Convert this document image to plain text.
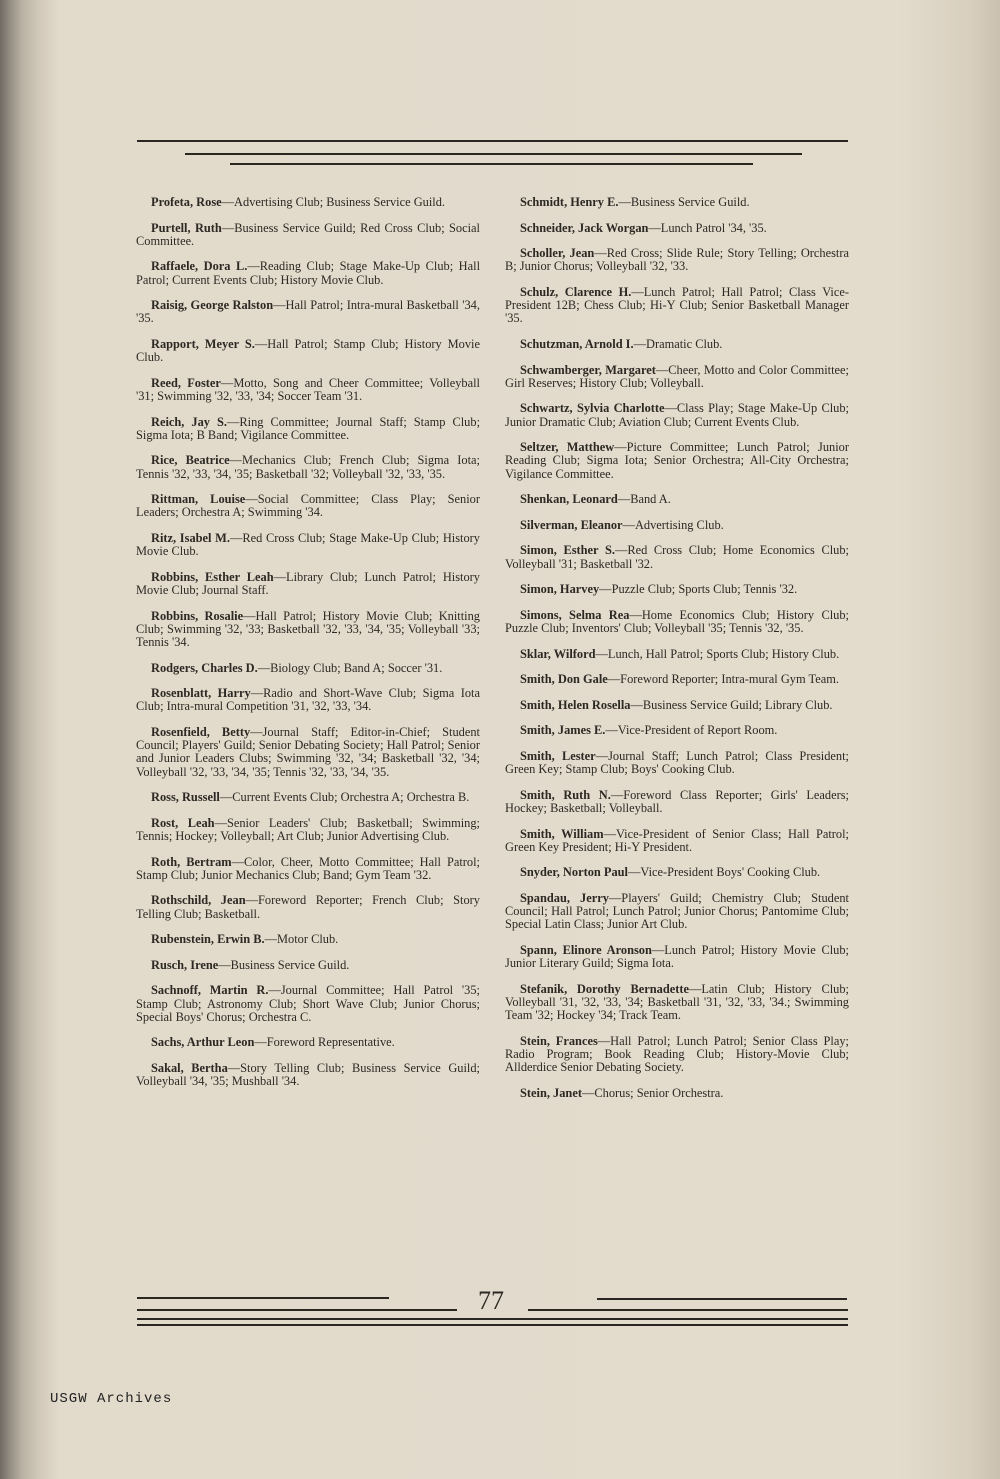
Profeta, Rose—Advertising Club; Business Service Guild.
Purtell, Ruth—Business Service Guild; Red Cross Club; Social Committee.
Raffaele, Dora L.—Reading Club; Stage Make-Up Club; Hall Patrol; Current Events Club; History Movie Club.
Raisig, George Ralston—Hall Patrol; Intra-mural Basketball '34, '35.
Rapport, Meyer S.—Hall Patrol; Stamp Club; History Movie Club.
Reed, Foster—Motto, Song and Cheer Committee; Volleyball '31; Swimming '32, '33, '34; Soccer Team '31.
Reich, Jay S.—Ring Committee; Journal Staff; Stamp Club; Sigma Iota; B Band; Vigilance Committee.
Rice, Beatrice—Mechanics Club; French Club; Sigma Iota; Tennis '32, '33, '34, '35; Basketball '32; Volleyball '32, '33, '35.
Rittman, Louise—Social Committee; Class Play; Senior Leaders; Orchestra A; Swimming '34.
Ritz, Isabel M.—Red Cross Club; Stage Make-Up Club; History Movie Club.
Robbins, Esther Leah—Library Club; Lunch Patrol; History Movie Club; Journal Staff.
Robbins, Rosalie—Hall Patrol; History Movie Club; Knitting Club; Swimming '32, '33; Basketball '32, '33, '34, '35; Volleyball '33; Tennis '34.
Rodgers, Charles D.—Biology Club; Band A; Soccer '31.
Rosenblatt, Harry—Radio and Short-Wave Club; Sigma Iota Club; Intra-mural Competition '31, '32, '33, '34.
Rosenfield, Betty—Journal Staff; Editor-in-Chief; Student Council; Players' Guild; Senior Debating Society; Hall Patrol; Senior and Junior Leaders Clubs; Swimming '32, '34; Basketball '32, '34; Volleyball '32, '33, '34, '35; Tennis '32, '33, '34, '35.
Ross, Russell—Current Events Club; Orchestra A; Orchestra B.
Rost, Leah—Senior Leaders' Club; Basketball; Swimming; Tennis; Hockey; Volleyball; Art Club; Junior Advertising Club.
Roth, Bertram—Color, Cheer, Motto Committee; Hall Patrol; Stamp Club; Junior Mechanics Club; Band; Gym Team '32.
Rothschild, Jean—Foreword Reporter; French Club; Story Telling Club; Basketball.
Rubenstein, Erwin B.—Motor Club.
Rusch, Irene—Business Service Guild.
Sachnoff, Martin R.—Journal Committee; Hall Patrol '35; Stamp Club; Astronomy Club; Short Wave Club; Junior Chorus; Special Boys' Chorus; Orchestra C.
Sachs, Arthur Leon—Foreword Representative.
Sakal, Bertha—Story Telling Club; Business Service Guild; Volleyball '34, '35; Mushball '34.
Schmidt, Henry E.—Business Service Guild.
Schneider, Jack Worgan—Lunch Patrol '34, '35.
Scholler, Jean—Red Cross; Slide Rule; Story Telling; Orchestra B; Junior Chorus; Volleyball '32, '33.
Schulz, Clarence H.—Lunch Patrol; Hall Patrol; Class Vice-President 12B; Chess Club; Hi-Y Club; Senior Basketball Manager '35.
Schutzman, Arnold I.—Dramatic Club.
Schwamberger, Margaret—Cheer, Motto and Color Committee; Girl Reserves; History Club; Volleyball.
Schwartz, Sylvia Charlotte—Class Play; Stage Make-Up Club; Junior Dramatic Club; Aviation Club; Current Events Club.
Seltzer, Matthew—Picture Committee; Lunch Patrol; Junior Reading Club; Sigma Iota; Senior Orchestra; All-City Orchestra; Vigilance Committee.
Shenkan, Leonard—Band A.
Silverman, Eleanor—Advertising Club.
Simon, Esther S.—Red Cross Club; Home Economics Club; Volleyball '31; Basketball '32.
Simon, Harvey—Puzzle Club; Sports Club; Tennis '32.
Simons, Selma Rea—Home Economics Club; History Club; Puzzle Club; Inventors' Club; Volleyball '35; Tennis '32, '35.
Sklar, Wilford—Lunch, Hall Patrol; Sports Club; History Club.
Smith, Don Gale—Foreword Reporter; Intra-mural Gym Team.
Smith, Helen Rosella—Business Service Guild; Library Club.
Smith, James E.—Vice-President of Report Room.
Smith, Lester—Journal Staff; Lunch Patrol; Class President; Green Key; Stamp Club; Boys' Cooking Club.
Smith, Ruth N.—Foreword Class Reporter; Girls' Leaders; Hockey; Basketball; Volleyball.
Smith, William—Vice-President of Senior Class; Hall Patrol; Green Key President; Hi-Y President.
Snyder, Norton Paul—Vice-President Boys' Cooking Club.
Spandau, Jerry—Players' Guild; Chemistry Club; Student Council; Hall Patrol; Lunch Patrol; Junior Chorus; Pantomime Club; Special Latin Class; Junior Art Club.
Spann, Elinore Aronson—Lunch Patrol; History Movie Club; Junior Literary Guild; Sigma Iota.
Stefanik, Dorothy Bernadette—Latin Club; History Club; Volleyball '31, '32, '33, '34; Basketball '31, '32, '33, '34.; Swimming Team '32; Hockey '34; Track Team.
Stein, Frances—Hall Patrol; Lunch Patrol; Senior Class Play; Radio Program; Book Reading Club; History-Movie Club; Allderdice Senior Debating Society.
Stein, Janet—Chorus; Senior Orchestra.
77
USGW Archives
